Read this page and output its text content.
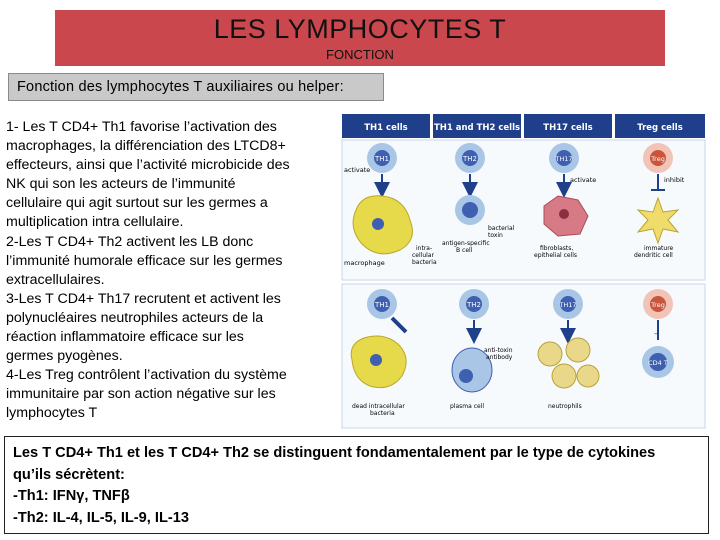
LES LYMPHOCYTES T
FONCTION
Fonction des lymphocytes T auxiliaires ou helper:
1- Les T CD4+ Th1 favorise l’activation des
macrophages, la différenciation des LTCD8+
effecteurs, ainsi que l’activité microbicide des
NK qui son les acteurs de l’immunité
cellulaire qui agit surtout sur les germes a
multiplication intra cellulaire.
2-Les T CD4+ Th2 activent les LB donc
l’immunité humorale efficace sur les germes
extracellulaires.
3-Les T CD4+ Th17 recrutent et activent les
polynucléaires neutrophiles acteurs de la
réaction inflammatoire efficace sur les
germes pyogènes.
4-Les Treg contrôlent l’activation du système
immunitaire par son action négative sur les
lymphocytes T
TH1 cells	TH1 and TH2 cells	TH17 cells	Treg cells
TH1
activate
macrophage
intra-cellular bacteria
TH2
bacterial toxin
antigen-specific B cell
TH17
activate
fibroblasts, epithelial cells
Treg
inhibit
immature dendritic cell
TH1
dead intracellular bacteria
TH2
anti-toxin antibody
plasma cell
TH17
neutrophils
Treg
–
CD4 T
Les T CD4+ Th1 et les T CD4+ Th2 se distinguent fondamentalement par le type de cytokines
qu’ils sécrètent:
-Th1: IFNγ, TNFβ
-Th2: IL-4, IL-5, IL-9, IL-13
